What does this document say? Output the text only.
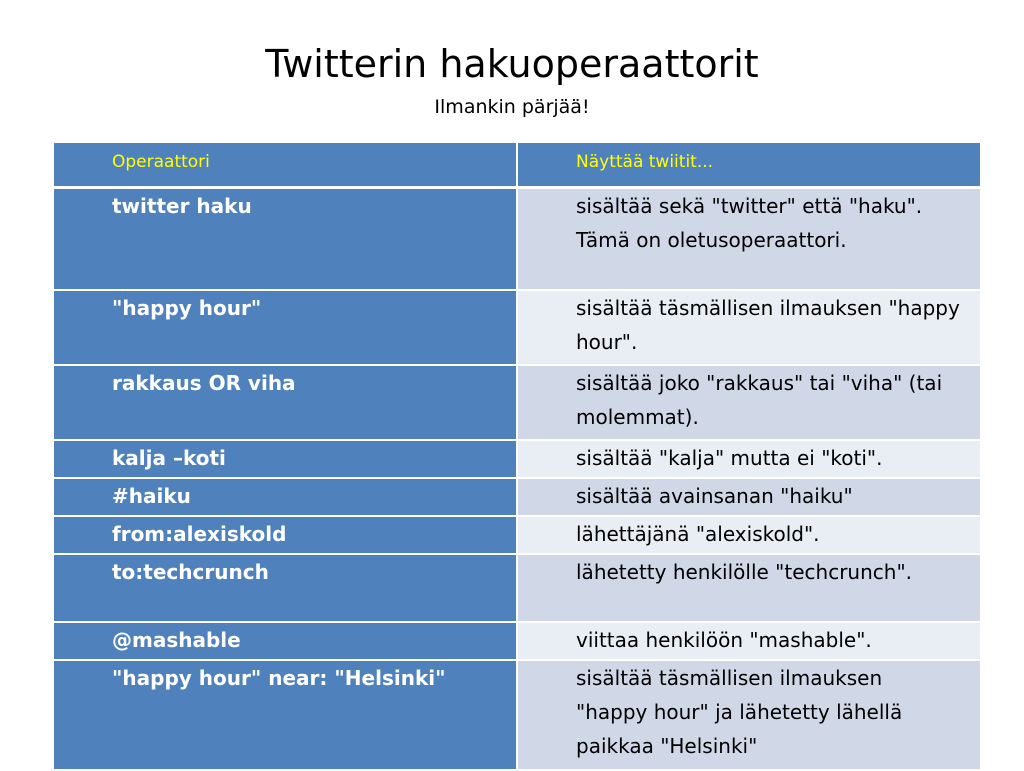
Twitterin hakuoperaattorit
Ilmankin pärjää!
Operaattori	Näyttää twiitit...

twitter haku	sisältää sekä "twitter" että "haku". Tämä on oletusoperaattori.

"happy hour"	sisältää täsmällisen ilmauksen "happy hour".

rakkaus OR viha	sisältää joko "rakkaus" tai "viha" (tai molemmat).

kalja –koti	sisältää "kalja" mutta ei "koti".

#haiku	sisältää avainsanan "haiku"

from:alexiskold	lähettäjänä "alexiskold".

to:techcrunch	lähetetty henkilölle "techcrunch".

@mashable	viittaa henkilöön "mashable".

"happy hour" near: "Helsinki"	sisältää täsmällisen ilmauksen "happy hour" ja lähetetty lähellä paikkaa "Helsinki"
